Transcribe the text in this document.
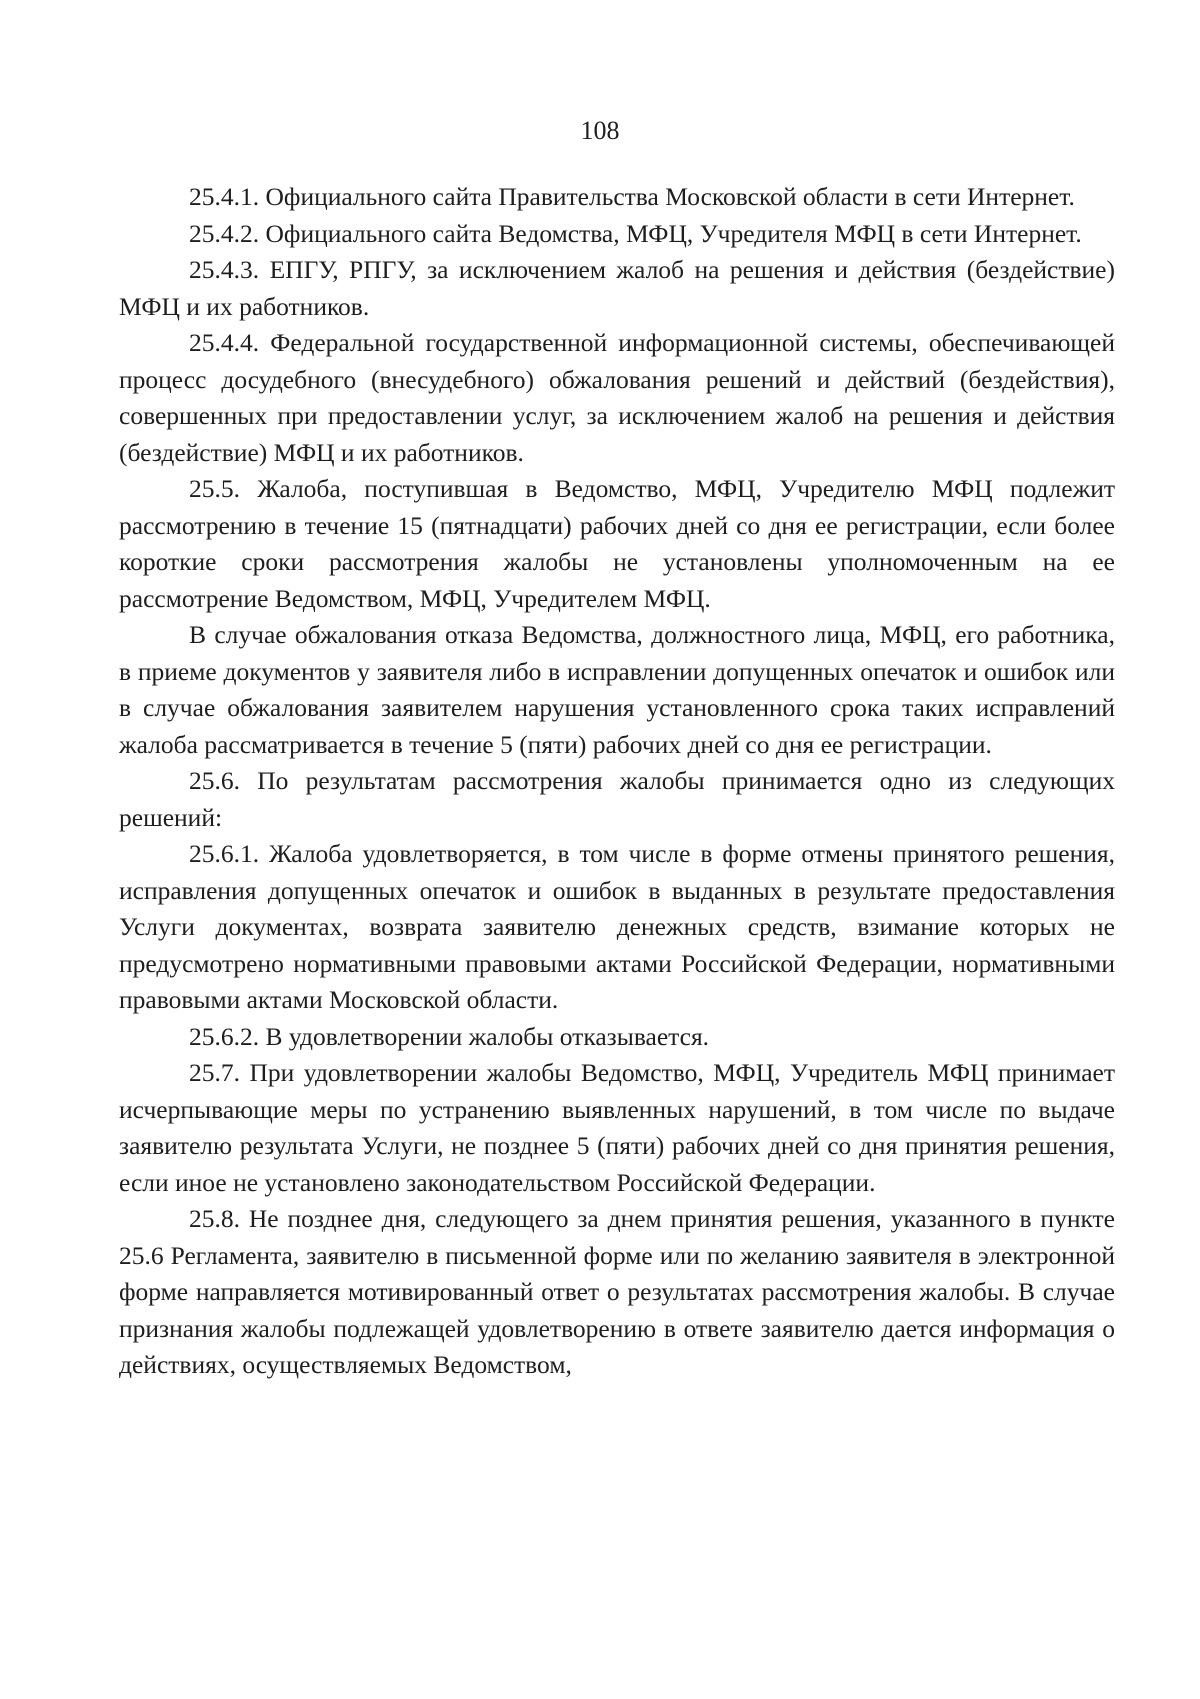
108

25.4.1. Официального сайта Правительства Московской области в сети Интернет.

25.4.2. Официального сайта Ведомства, МФЦ, Учредителя МФЦ в сети Интернет.

25.4.3. ЕПГУ, РПГУ, за исключением жалоб на решения и действия (бездействие) МФЦ и их работников.

25.4.4. Федеральной государственной информационной системы, обеспечивающей процесс досудебного (внесудебного) обжалования решений и действий (бездействия), совершенных при предоставлении услуг, за исключением жалоб на решения и действия (бездействие) МФЦ и их работников.

25.5. Жалоба, поступившая в Ведомство, МФЦ, Учредителю МФЦ подлежит рассмотрению в течение 15 (пятнадцати) рабочих дней со дня ее регистрации, если более короткие сроки рассмотрения жалобы не установлены уполномоченным на ее рассмотрение Ведомством, МФЦ, Учредителем МФЦ.

В случае обжалования отказа Ведомства, должностного лица, МФЦ, его работника, в приеме документов у заявителя либо в исправлении допущенных опечаток и ошибок или в случае обжалования заявителем нарушения установленного срока таких исправлений жалоба рассматривается в течение 5 (пяти) рабочих дней со дня ее регистрации.

25.6. По результатам рассмотрения жалобы принимается одно из следующих решений:

25.6.1. Жалоба удовлетворяется, в том числе в форме отмены принятого решения, исправления допущенных опечаток и ошибок в выданных в результате предоставления Услуги документах, возврата заявителю денежных средств, взимание которых не предусмотрено нормативными правовыми актами Российской Федерации, нормативными правовыми актами Московской области.

25.6.2. В удовлетворении жалобы отказывается.

25.7. При удовлетворении жалобы Ведомство, МФЦ, Учредитель МФЦ принимает исчерпывающие меры по устранению выявленных нарушений, в том числе по выдаче заявителю результата Услуги, не позднее 5 (пяти) рабочих дней со дня принятия решения, если иное не установлено законодательством Российской Федерации.

25.8. Не позднее дня, следующего за днем принятия решения, указанного в пункте 25.6 Регламента, заявителю в письменной форме или по желанию заявителя в электронной форме направляется мотивированный ответ о результатах рассмотрения жалобы. В случае признания жалобы подлежащей удовлетворению в ответе заявителю дается информация о действиях, осуществляемых Ведомством,
